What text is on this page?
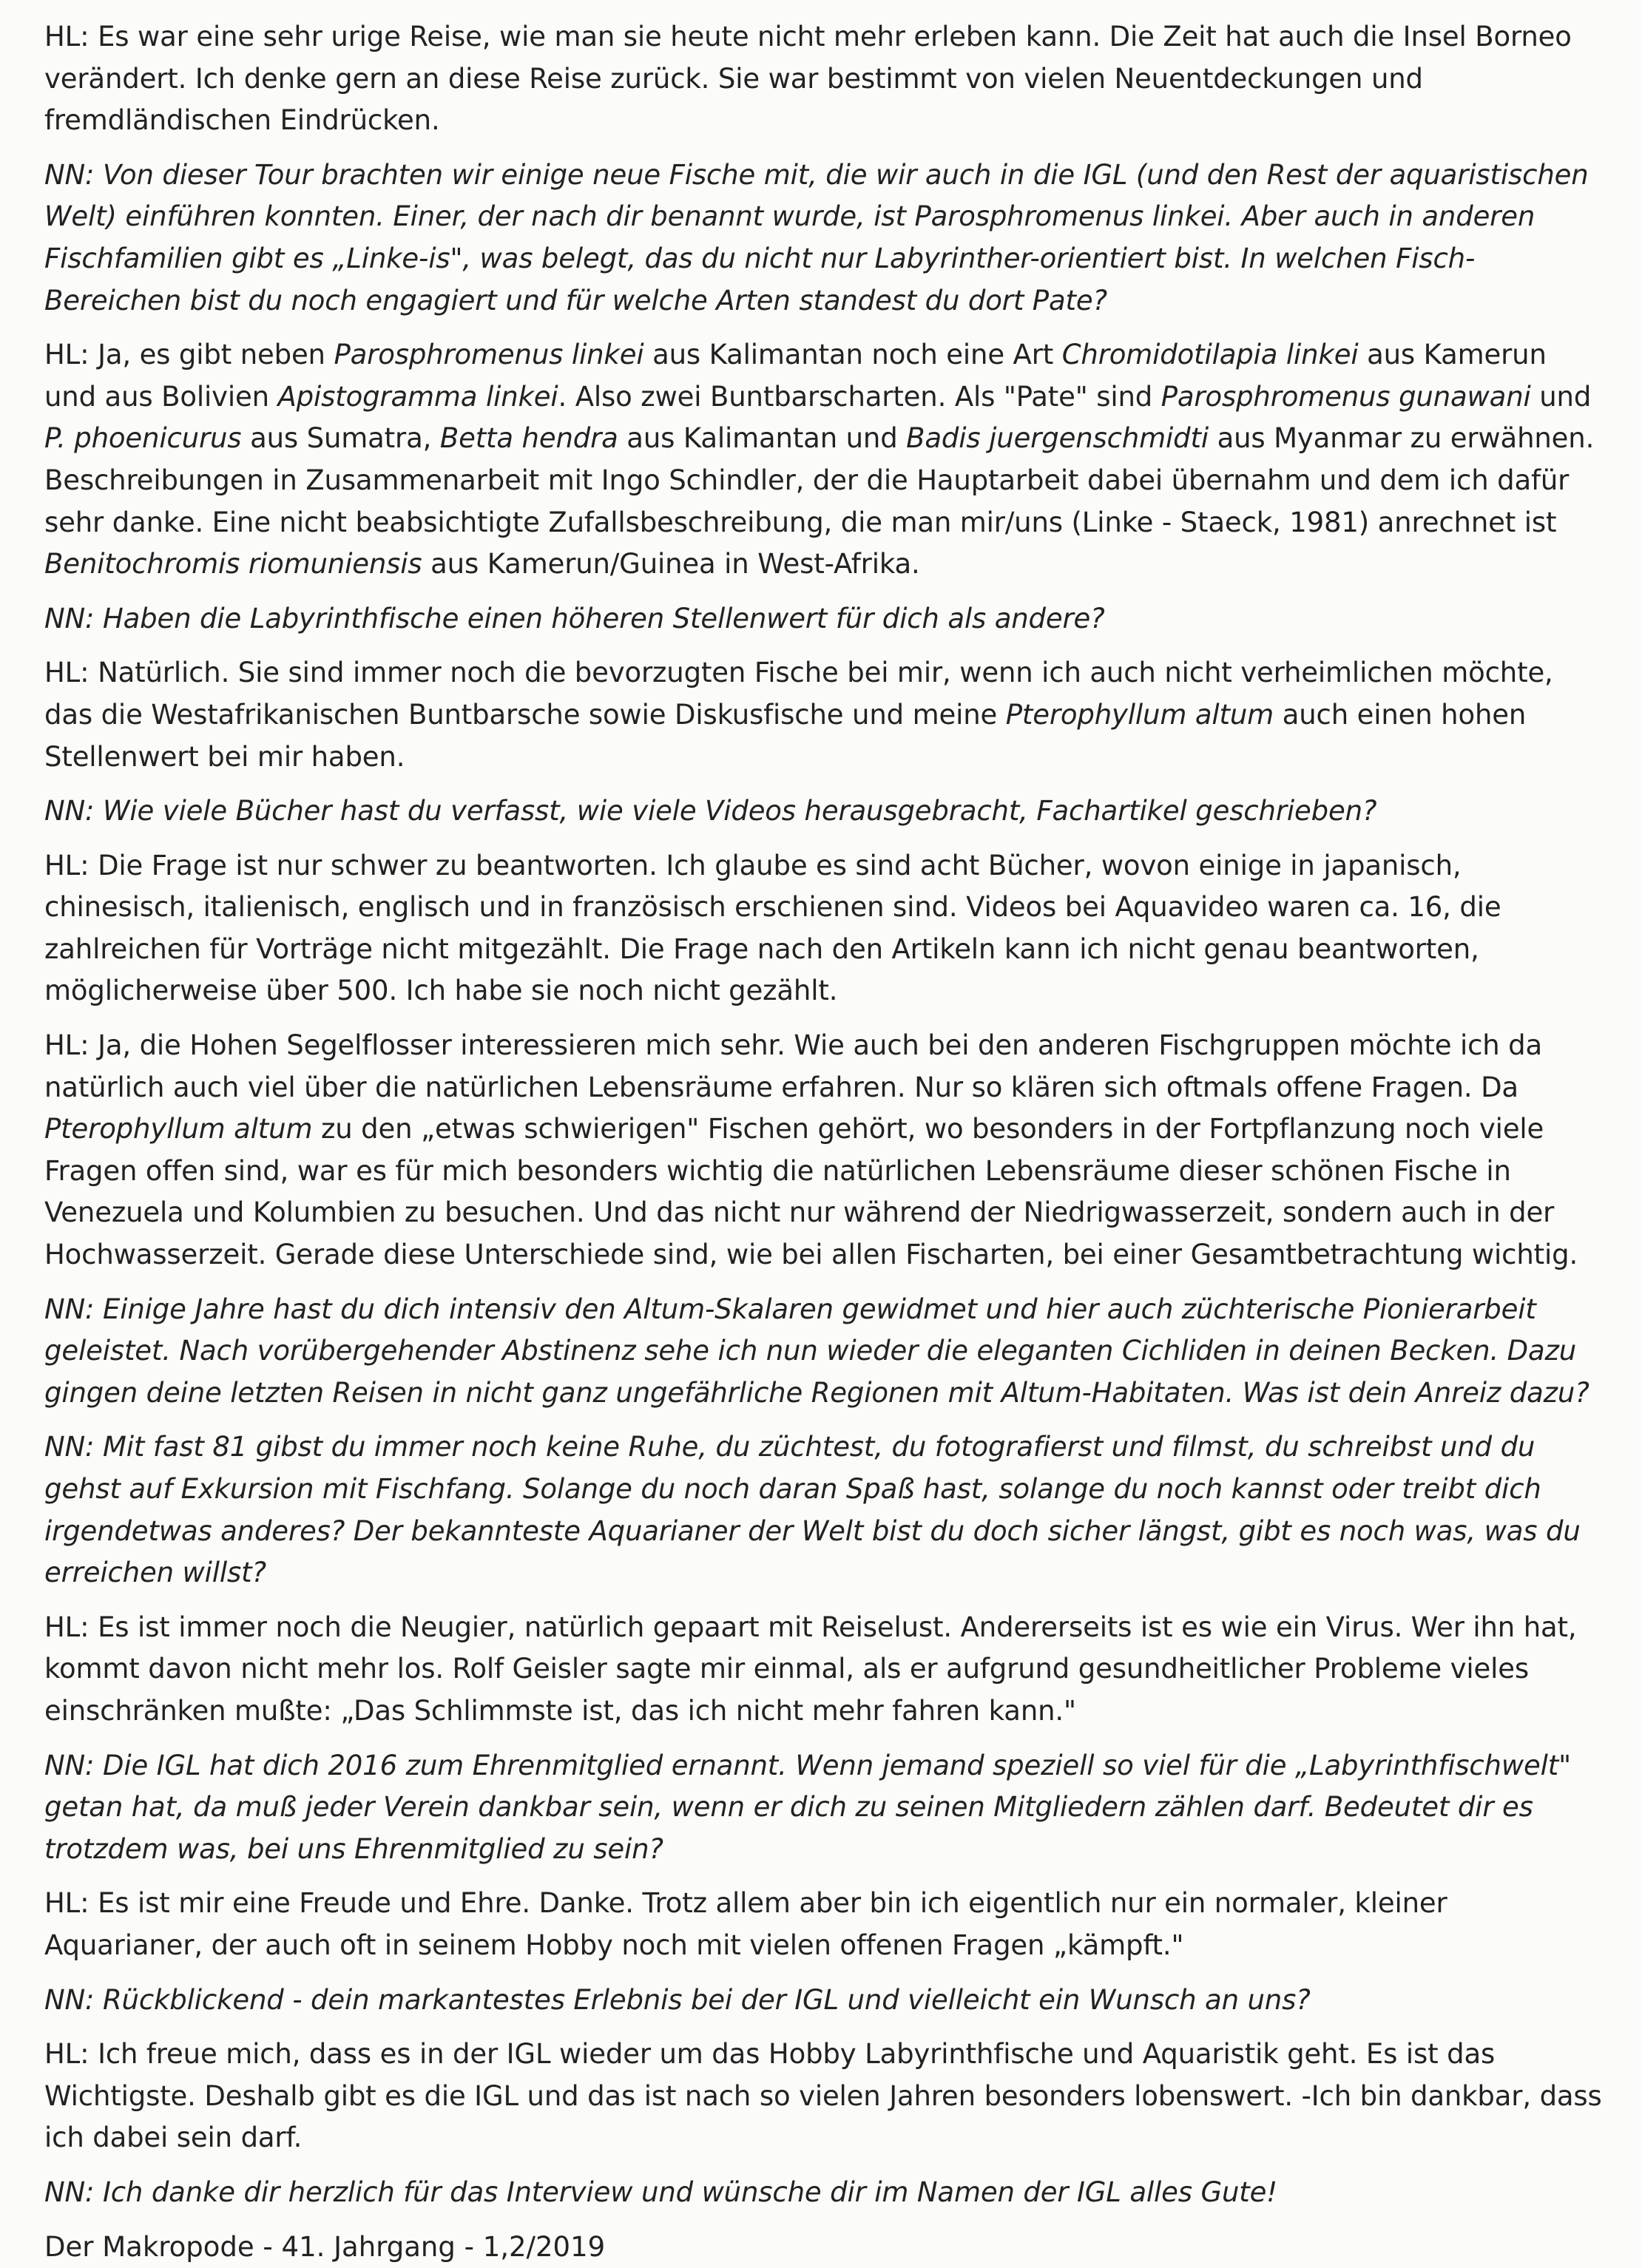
HL: Es war eine sehr urige Reise, wie man sie heute nicht mehr erleben kann. Die Zeit hat auch die Insel Borneo verändert. Ich denke gern an diese Reise zurück. Sie war bestimmt von vielen Neuentdeckungen und fremdländischen Eindrücken.

NN: Von dieser Tour brachten wir einige neue Fische mit, die wir auch in die IGL (und den Rest der aquaristischen Welt) einführen konnten. Einer, der nach dir benannt wurde, ist Parosphromenus linkei. Aber auch in anderen Fischfamilien gibt es „Linke-is", was belegt, das du nicht nur Labyrinther-orientiert bist. In welchen Fisch-Bereichen bist du noch engagiert und für welche Arten standest du dort Pate?

HL: Ja, es gibt neben Parosphromenus linkei aus Kalimantan noch eine Art Chromidotilapia linkei aus Kamerun und aus Bolivien Apistogramma linkei. Also zwei Buntbarscharten. Als "Pate" sind Parosphromenus gunawani und P. phoenicurus aus Sumatra, Betta hendra aus Kalimantan und Badis juergenschmidti aus Myanmar zu erwähnen. Beschreibungen in Zusammenarbeit mit Ingo Schindler, der die Hauptarbeit dabei übernahm und dem ich dafür sehr danke. Eine nicht beabsichtigte Zufallsbeschreibung, die man mir/uns (Linke - Staeck, 1981) anrechnet ist Benitochromis riomuniensis aus Kamerun/Guinea in West-Afrika.

NN: Haben die Labyrinthfische einen höheren Stellenwert für dich als andere?

HL: Natürlich. Sie sind immer noch die bevorzugten Fische bei mir, wenn ich auch nicht verheimlichen möchte, das die Westafrikanischen Buntbarsche sowie Diskusfische und meine Pterophyllum altum auch einen hohen Stellenwert bei mir haben.

NN: Wie viele Bücher hast du verfasst, wie viele Videos herausgebracht, Fachartikel geschrieben?

HL: Die Frage ist nur schwer zu beantworten. Ich glaube es sind acht Bücher, wovon einige in japanisch, chinesisch, italienisch, englisch und in französisch erschienen sind. Videos bei Aquavideo waren ca. 16, die zahlreichen für Vorträge nicht mitgezählt. Die Frage nach den Artikeln kann ich nicht genau beantworten, möglicherweise über 500. Ich habe sie noch nicht gezählt.

HL: Ja, die Hohen Segelflosser interessieren mich sehr. Wie auch bei den anderen Fischgruppen möchte ich da natürlich auch viel über die natürlichen Lebensräume erfahren. Nur so klären sich oftmals offene Fragen. Da Pterophyllum altum zu den „etwas schwierigen" Fischen gehört, wo besonders in der Fortpflanzung noch viele Fragen offen sind, war es für mich besonders wichtig die natürlichen Lebensräume dieser schönen Fische in Venezuela und Kolumbien zu besuchen. Und das nicht nur während der Niedrigwasserzeit, sondern auch in der Hochwasserzeit. Gerade diese Unterschiede sind, wie bei allen Fischarten, bei einer Gesamtbetrachtung wichtig.

NN: Einige Jahre hast du dich intensiv den Altum-Skalaren gewidmet und hier auch züchterische Pionierarbeit geleistet. Nach vorübergehender Abstinenz sehe ich nun wieder die eleganten Cichliden in deinen Becken. Dazu gingen deine letzten Reisen in nicht ganz ungefährliche Regionen mit Altum-Habitaten. Was ist dein Anreiz dazu?

NN: Mit fast 81 gibst du immer noch keine Ruhe, du züchtest, du fotografierst und filmst, du schreibst und du gehst auf Exkursion mit Fischfang. Solange du noch daran Spaß hast, solange du noch kannst oder treibt dich irgendetwas anderes? Der bekannteste Aquarianer der Welt bist du doch sicher längst, gibt es noch was, was du erreichen willst?

HL: Es ist immer noch die Neugier, natürlich gepaart mit Reiselust. Andererseits ist es wie ein Virus. Wer ihn hat, kommt davon nicht mehr los. Rolf Geisler sagte mir einmal, als er aufgrund gesundheitlicher Probleme vieles einschränken mußte: „Das Schlimmste ist, das ich nicht mehr fahren kann."

NN: Die IGL hat dich 2016 zum Ehrenmitglied ernannt. Wenn jemand speziell so viel für die „Labyrinthfischwelt" getan hat, da muß jeder Verein dankbar sein, wenn er dich zu seinen Mitgliedern zählen darf. Bedeutet dir es trotzdem was, bei uns Ehrenmitglied zu sein?

HL: Es ist mir eine Freude und Ehre. Danke. Trotz allem aber bin ich eigentlich nur ein normaler, kleiner Aquarianer, der auch oft in seinem Hobby noch mit vielen offenen Fragen „kämpft."

NN: Rückblickend - dein markantestes Erlebnis bei der IGL und vielleicht ein Wunsch an uns?

HL: Ich freue mich, dass es in der IGL wieder um das Hobby Labyrinthfische und Aquaristik geht. Es ist das Wichtigste. Deshalb gibt es die IGL und das ist nach so vielen Jahren besonders lobenswert. -Ich bin dankbar, dass ich dabei sein darf.

NN: Ich danke dir herzlich für das Interview und wünsche dir im Namen der IGL alles Gute!

Der Makropode - 41. Jahrgang - 1,2/2019
